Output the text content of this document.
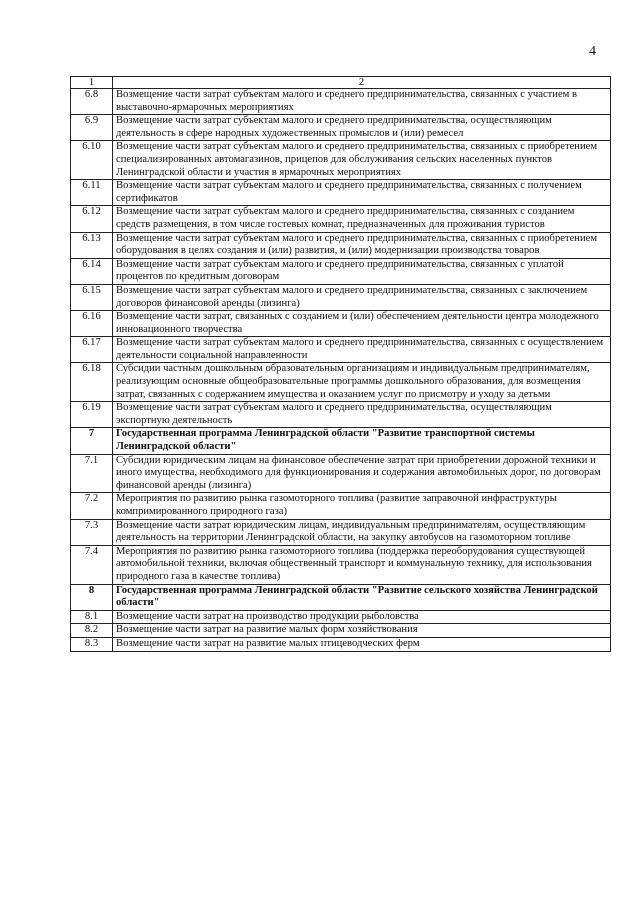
4
1	2
6.8	Возмещение части затрат субъектам малого и среднего предпринимательства, связанных с участием в выставочно-ярмарочных мероприятиях
6.9	Возмещение части затрат субъектам малого и среднего предпринимательства, осуществляющим деятельность в сфере народных художественных промыслов и (или) ремесел
6.10	Возмещение части затрат субъектам малого и среднего предпринимательства, связанных с приобретением специализированных автомагазинов, прицепов для обслуживания сельских населенных пунктов Ленинградской области и участия в ярмарочных мероприятиях
6.11	Возмещение части затрат субъектам малого и среднего предпринимательства, связанных с получением сертификатов
6.12	Возмещение части затрат субъектам малого и среднего предпринимательства, связанных с созданием средств размещения, в том числе гостевых комнат, предназначенных для проживания туристов
6.13	Возмещение части затрат субъектам малого и среднего предпринимательства, связанных с приобретением оборудования в целях создания и (или) развития, и (или) модернизации производства товаров
6.14	Возмещение части затрат субъектам малого и среднего предпринимательства, связанных с уплатой процентов по кредитным договорам
6.15	Возмещение части затрат субъектам малого и среднего предпринимательства, связанных с заключением договоров финансовой аренды (лизинга)
6.16	Возмещение части затрат, связанных с созданием и (или) обеспечением деятельности центра молодежного инновационного творчества
6.17	Возмещение части затрат субъектам малого и среднего предпринимательства, связанных с осуществлением деятельности социальной направленности
6.18	Субсидии частным дошкольным образовательным организациям и индивидуальным предпринимателям, реализующим основные общеобразовательные программы дошкольного образования, для возмещения затрат, связанных с содержанием имущества и оказанием услуг по присмотру и уходу за детьми
6.19	Возмещение части затрат субъектам малого и среднего предпринимательства, осуществляющим экспортную деятельность
7	Государственная программа Ленинградской области "Развитие транспортной системы Ленинградской области"
7.1	Субсидии юридическим лицам на финансовое обеспечение затрат при приобретении дорожной техники и иного имущества, необходимого для функционирования и содержания автомобильных дорог, по договорам финансовой аренды (лизинга)
7.2	Мероприятия по развитию рынка газомоторного топлива (развитие заправочной инфраструктуры компримированного природного газа)
7.3	Возмещение части затрат юридическим лицам, индивидуальным предпринимателям, осуществляющим деятельность на территории Ленинградской области, на закупку автобусов на газомоторном топливе
7.4	Мероприятия по развитию рынка газомоторного топлива (поддержка переоборудования существующей автомобильной техники, включая общественный транспорт и коммунальную технику, для использования природного газа в качестве топлива)
8	Государственная программа Ленинградской области "Развитие сельского хозяйства Ленинградской области"
8.1	Возмещение части затрат на производство продукции рыболовства
8.2	Возмещение части затрат на развитие малых форм хозяйствования
8.3	Возмещение части затрат на развитие малых птицеводческих ферм
